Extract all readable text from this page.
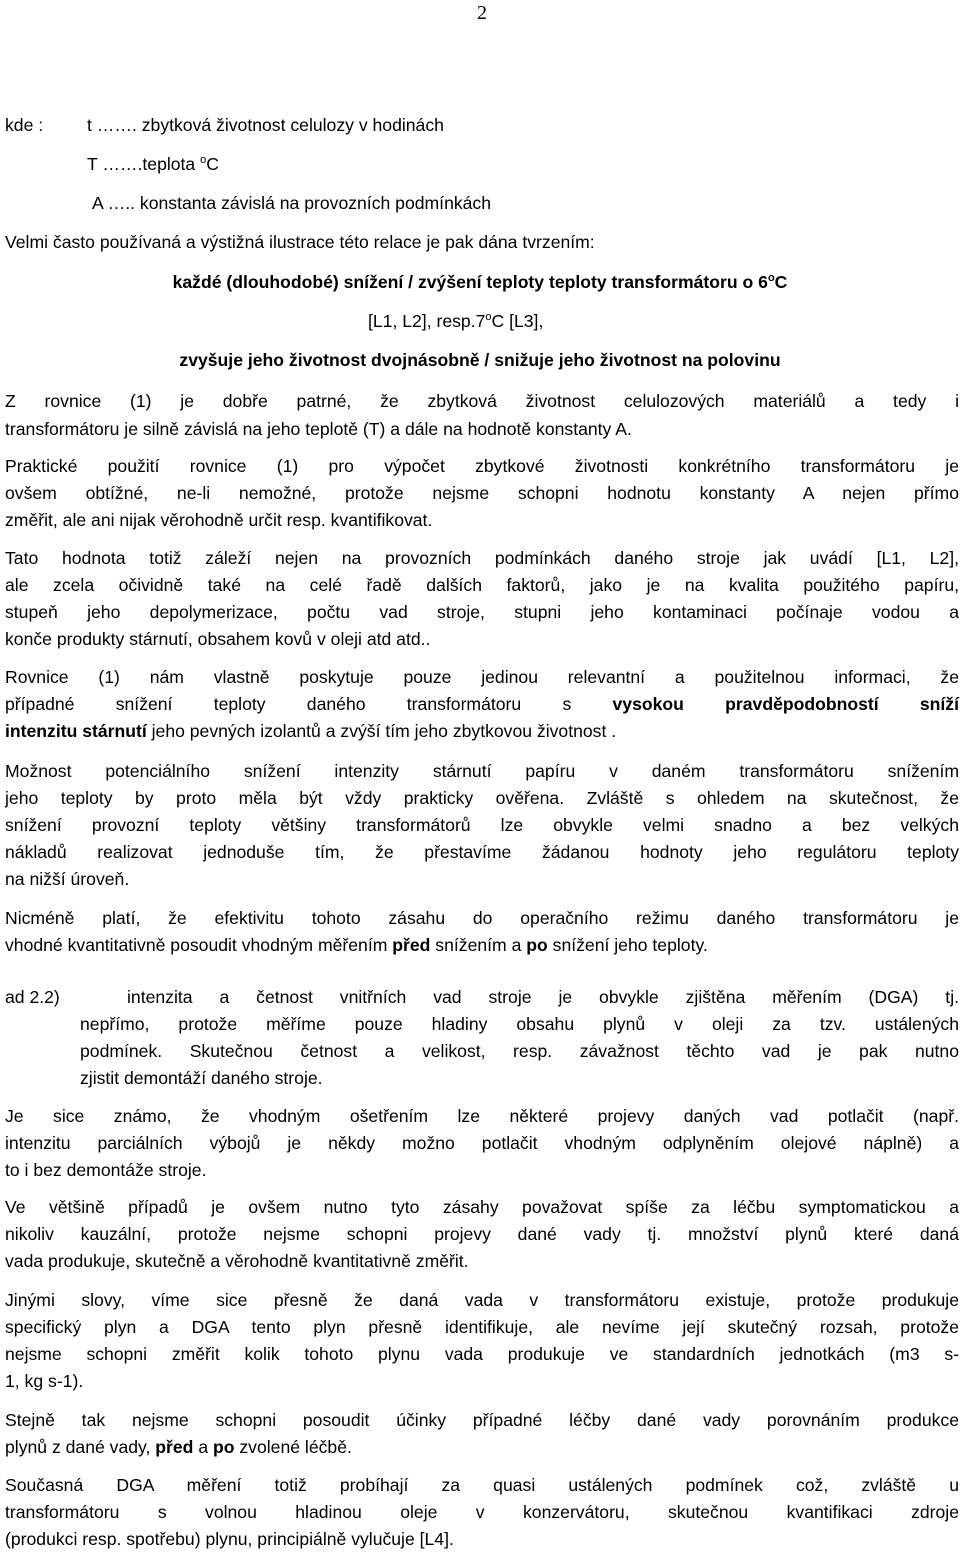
2
kde : t ……. zbytková životnost celulozy v hodinách
T …….teplota $^o$C
A ….. konstanta závislá na provozních podmínkách
Velmi často používaná a výstižná ilustrace této relace je pak dána tvrzením:
každé (dlouhodobé) snížení / zvýšení teploty teploty transformátoru o 6$^o$C
[L1, L2], resp.7$^o$C [L3],
zvyšuje jeho životnost dvojnásobně / snižuje jeho životnost na polovinu
Z rovnice (1) je dobře patrné, že zbytková životnost celulozových materiálů a tedy i
transformátoru je silně závislá na jeho teplotě (T) a dále na hodnotě konstanty A.
Praktické použití rovnice (1) pro výpočet zbytkové životnosti konkrétního transformátoru je
ovšem obtížné, ne-li nemožné, protože nejsme schopni hodnotu konstanty A nejen přímo
změřit, ale ani nijak věrohodně určit resp. kvantifikovat.
Tato hodnota totiž záleží nejen na provozních podmínkách daného stroje jak uvádí [L1, L2],
ale zcela očividně také na celé řadě dalších faktorů, jako je na kvalita použitého papíru,
stupeň jeho depolymerizace, počtu vad stroje, stupni jeho kontaminaci počínaje vodou a
konče produkty stárnutí, obsahem kovů v oleji atd atd..
Rovnice (1) nám vlastně poskytuje pouze jedinou relevantní a použitelnou informaci, že
případné snížení teploty daného transformátoru s vysokou pravděpodobností sníží
intenzitu stárnutí jeho pevných izolantů a zvýší tím jeho zbytkovou životnost .
Možnost potenciálního snížení intenzity stárnutí papíru v daném transformátoru snížením
jeho teploty by proto měla být vždy prakticky ověřena. Zvláště s ohledem na skutečnost, že
snížení provozní teploty většiny transformátorů lze obvykle velmi snadno a bez velkých
nákladů realizovat jednoduše tím, že přestavíme žádanou hodnoty jeho regulátoru teploty
na nižší úroveň.
Nicméně platí, že efektivitu tohoto zásahu do operačního režimu daného transformátoru je
vhodné kvantitativně posoudit vhodným měřením před snížením a po snížení jeho teploty.
ad 2.2)	intenzita a četnost vnitřních vad stroje je obvykle zjištěna měřením (DGA) tj.
nepřímo, protože měříme pouze hladiny obsahu plynů v oleji za tzv. ustálených
podmínek. Skutečnou četnost a velikost, resp. závažnost těchto vad je pak nutno
zjistit demontáží daného stroje.
Je sice známo, že vhodným ošetřením lze některé projevy daných vad potlačit (např.
intenzitu parciálních výbojů je někdy možno potlačit vhodným odplyněním olejové náplně) a
to i bez demontáže stroje.
Ve většině případů je ovšem nutno tyto zásahy považovat spíše za léčbu symptomatickou a
nikoliv kauzální, protože nejsme schopni projevy dané vady tj. množství plynů které daná
vada produkuje, skutečně a věrohodně kvantitativně změřit.
Jinými slovy, víme sice přesně že daná vada v transformátoru existuje, protože produkuje
specifický plyn a DGA tento plyn přesně identifikuje, ale nevíme její skutečný rozsah, protože
nejsme schopni změřit kolik tohoto plynu vada produkuje ve standardních jednotkách (m3 s-
1, kg s-1).
Stejně tak nejsme schopni posoudit účinky případné léčby dané vady porovnáním produkce
plynů z dané vady, před a po zvolené léčbě.
Současná DGA měření totiž probíhají za quasi ustálených podmínek což, zvláště u
transformátoru s volnou hladinou oleje v konzervátoru, skutečnou kvantifikaci zdroje
(produkci resp. spotřebu) plynu, principiálně vylučuje [L4].
